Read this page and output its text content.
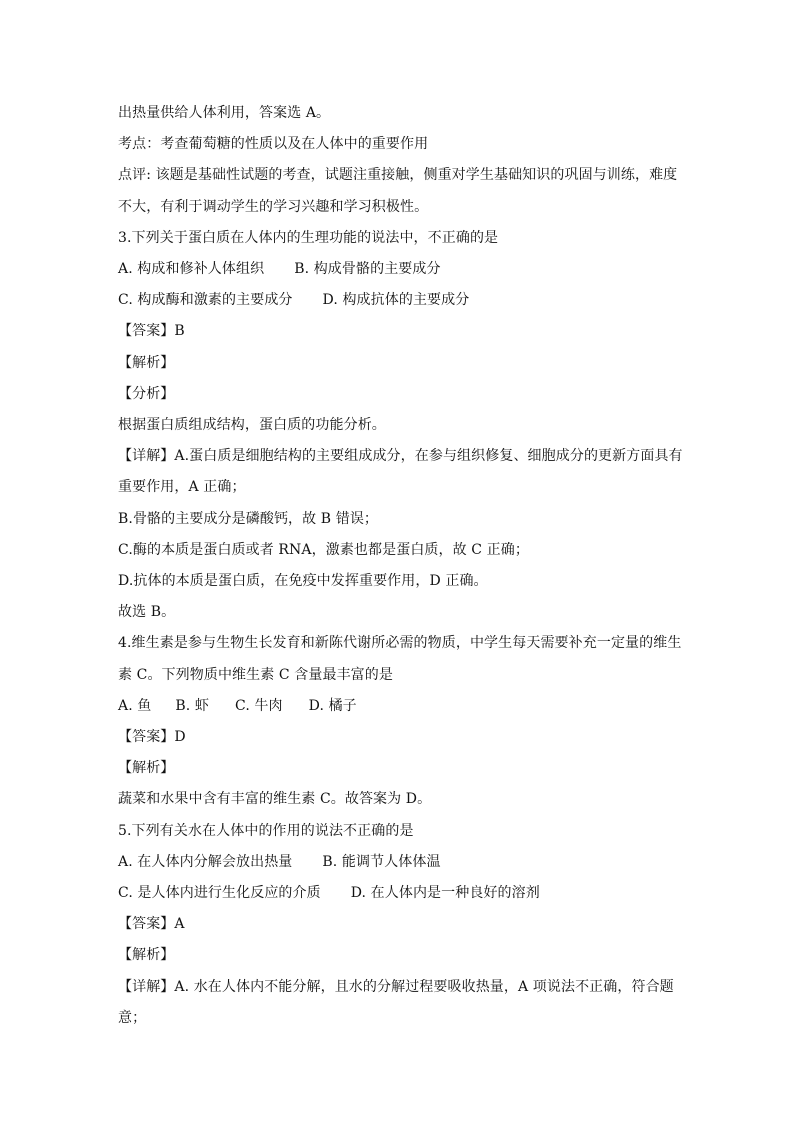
出热量供给人体利用，答案选 A。
考点：考查葡萄糖的性质以及在人体中的重要作用
点评: 该题是基础性试题的考查，试题注重接触，侧重对学生基础知识的巩固与训练，难度
不大，有利于调动学生的学习兴趣和学习积极性。
3.下列关于蛋白质在人体内的生理功能的说法中，不正确的是
A. 构成和修补人体组织 B. 构成骨骼的主要成分
C. 构成酶和激素的主要成分 D. 构成抗体的主要成分
【答案】B
【解析】
【分析】
根据蛋白质组成结构，蛋白质的功能分析。
【详解】A.蛋白质是细胞结构的主要组成成分，在参与组织修复、细胞成分的更新方面具有
重要作用，A 正确；
B.骨骼的主要成分是磷酸钙，故 B 错误；
C.酶的本质是蛋白质或者 RNA，激素也都是蛋白质，故 C 正确；
D.抗体的本质是蛋白质，在免疫中发挥重要作用，D 正确。
故选 B。
4.维生素是参与生物生长发育和新陈代谢所必需的物质，中学生每天需要补充一定量的维生
素 C。下列物质中维生素 C 含量最丰富的是
A. 鱼 B. 虾 C. 牛肉 D. 橘子
【答案】D
【解析】
蔬菜和水果中含有丰富的维生素 C。故答案为 D。
5.下列有关水在人体中的作用的说法不正确的是
A. 在人体内分解会放出热量 B. 能调节人体体温
C. 是人体内进行生化反应的介质 D. 在人体内是一种良好的溶剂
【答案】A
【解析】
【详解】A. 水在人体内不能分解，且水的分解过程要吸收热量，A 项说法不正确，符合题
意；
